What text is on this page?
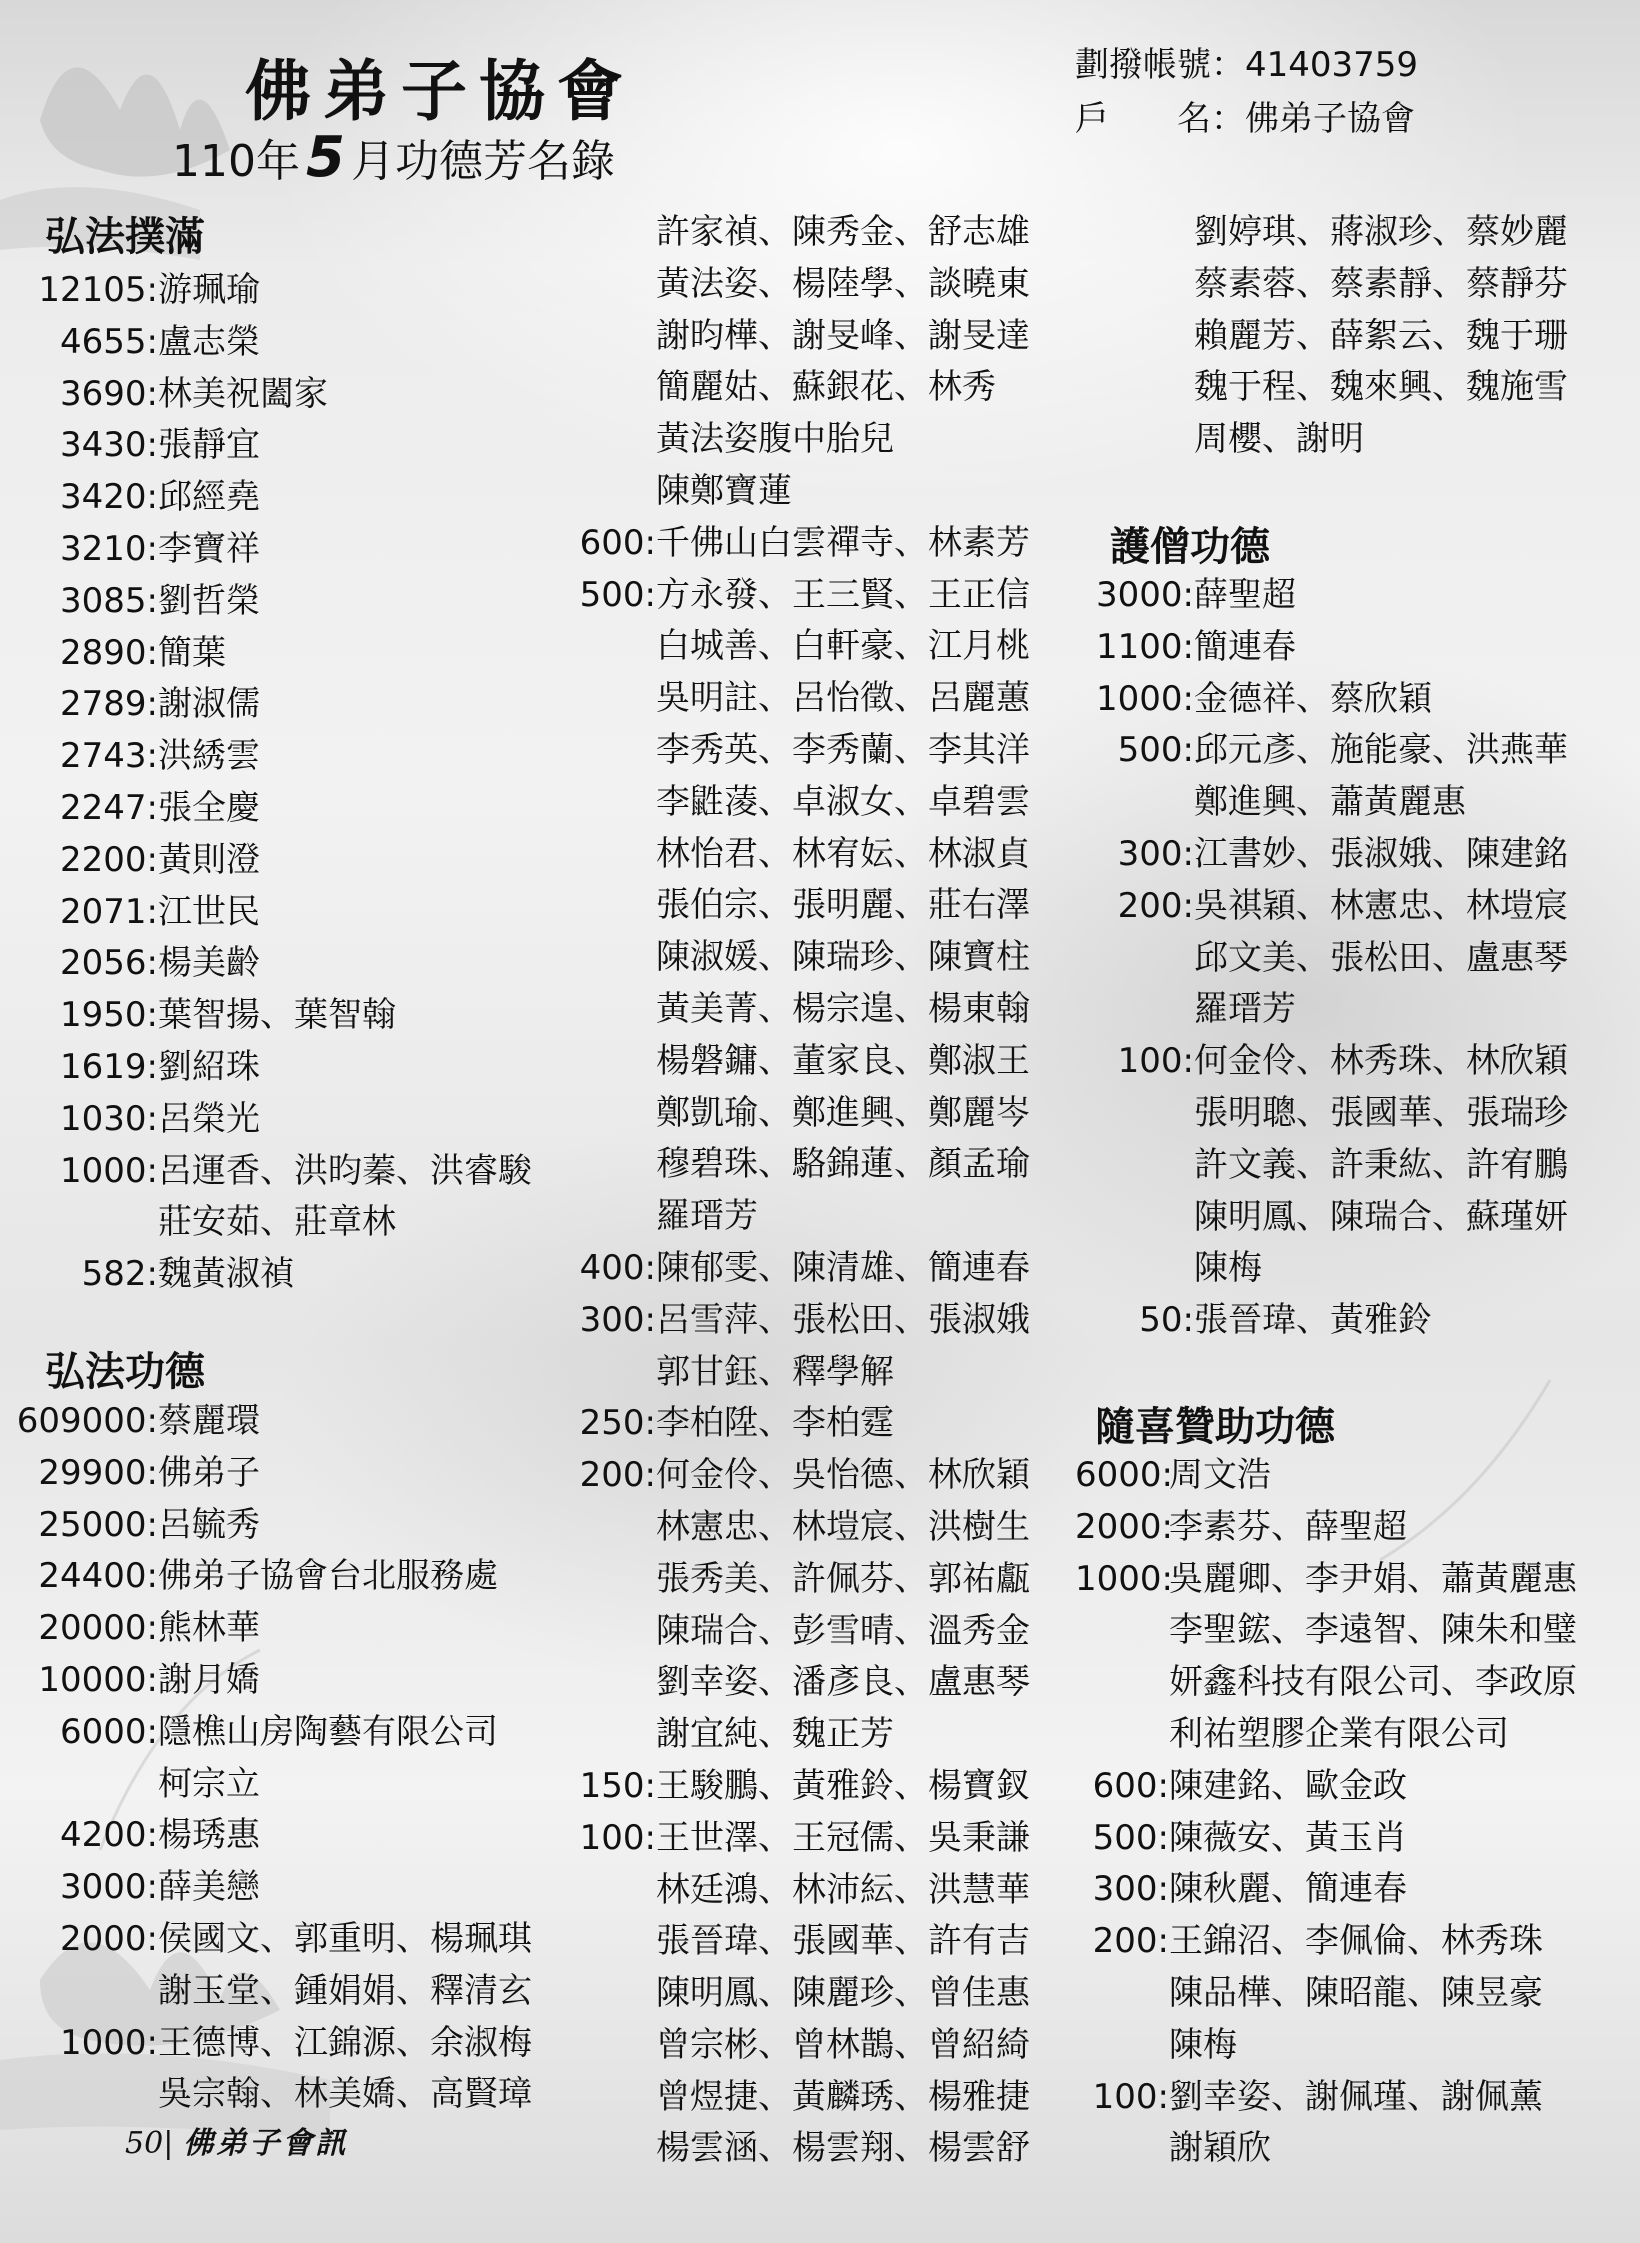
佛弟子協會
110年 5 月功德芳名錄
劃撥帳號： 41403759
戶　　名： 佛弟子協會
弘法撲滿
12105: 游珮瑜
4655: 盧志榮
3690: 林美祝闔家
3430: 張靜宜
3420: 邱經堯
3210: 李寶祥
3085: 劉哲榮
2890: 簡葉
2789: 謝淑儒
2743: 洪綉雲
2247: 張全慶
2200: 黃則澄
2071: 江世民
2056: 楊美齡
1950: 葉智揚、葉智翰
1619: 劉紹珠
1030: 呂榮光
1000: 呂運香、洪昀蓁、洪睿駿
莊安茹、莊章林
582: 魏黃淑禎
弘法功德
609000: 蔡麗環
29900: 佛弟子
25000: 呂毓秀
24400: 佛弟子協會台北服務處
20000: 熊林華
10000: 謝月嬌
6000: 隱樵山房陶藝有限公司
柯宗立
4200: 楊琇惠
3000: 薛美戀
2000: 侯國文、郭重明、楊珮琪
謝玉堂、鍾娟娟、釋清玄
1000: 王德博、江錦源、余淑梅
吳宗翰、林美嬌、高賢璋
許家禎、陳秀金、舒志雄
黃法姿、楊陸學、談曉東
謝昀樺、謝旻峰、謝旻達
簡麗姑、蘇銀花、林秀
黃法姿腹中胎兒
陳鄭寶蓮
600: 千佛山白雲禪寺、林素芳
500: 方永發、王三賢、王正信
白城善、白軒豪、江月桃
吳明註、呂怡徵、呂麗蕙
李秀英、李秀蘭、李其洋
李鼪蓤、卓淑女、卓碧雲
林怡君、林宥妘、林淑貞
張伯宗、張明麗、莊右澤
陳淑媛、陳瑞珍、陳寶柱
黃美菁、楊宗遑、楊東翰
楊磐鏞、董家良、鄭淑王
鄭凱瑜、鄭進興、鄭麗岑
穆碧珠、駱錦蓮、顏孟瑜
羅瑨芳
400: 陳郁雯、陳清雄、簡連春
300: 呂雪萍、張松田、張淑娥
郭甘鈺、釋學解
250: 李柏陞、李柏霆
200: 何金伶、吳怡德、林欣穎
林憲忠、林塏宸、洪樹生
張秀美、許佩芬、郭祐甗
陳瑞合、彭雪晴、溫秀金
劉幸姿、潘彥良、盧惠琴
謝宜純、魏正芳
150: 王駿鵬、黃雅鈴、楊寶釵
100: 王世澤、王冠儒、吳秉謙
林廷鴻、林沛紜、洪慧華
張晉瑋、張國華、許有吉
陳明鳳、陳麗珍、曾佳惠
曾宗彬、曾林鵲、曾紹綺
曾煜捷、黃麟琇、楊雅捷
楊雲涵、楊雲翔、楊雲舒
劉婷琪、蔣淑珍、蔡妙麗
蔡素蓉、蔡素靜、蔡靜芬
賴麗芳、薛絮云、魏于珊
魏于程、魏來興、魏施雪
周櫻、謝明
護僧功德
3000: 薛聖超
1100: 簡連春
1000: 金德祥、蔡欣穎
500: 邱元彥、施能豪、洪燕華
鄭進興、蕭黃麗惠
300: 江書妙、張淑娥、陳建銘
200: 吳祺穎、林憲忠、林塏宸
邱文美、張松田、盧惠琴
羅瑨芳
100: 何金伶、林秀珠、林欣穎
張明聰、張國華、張瑞珍
許文義、許秉紘、許宥鵬
陳明鳳、陳瑞合、蘇瑾妍
陳梅
50: 張晉瑋、黃雅鈴
隨喜贊助功德
6000:
周文浩
2000:
李素芬、薛聖超
1000:
吳麗卿、李尹娟、蕭黃麗惠
李聖鋐、李遠智、陳朱和璧
妍鑫科技有限公司、李政原
利祐塑膠企業有限公司
600: 陳建銘、歐金政
500: 陳薇安、黃玉肖
300: 陳秋麗、簡連春
200: 王錦沼、李佩倫、林秀珠
陳品樺、陳昭龍、陳昱豪
陳梅
100: 劉幸姿、謝佩瑾、謝佩薰
謝穎欣
50| 佛弟子會訊
